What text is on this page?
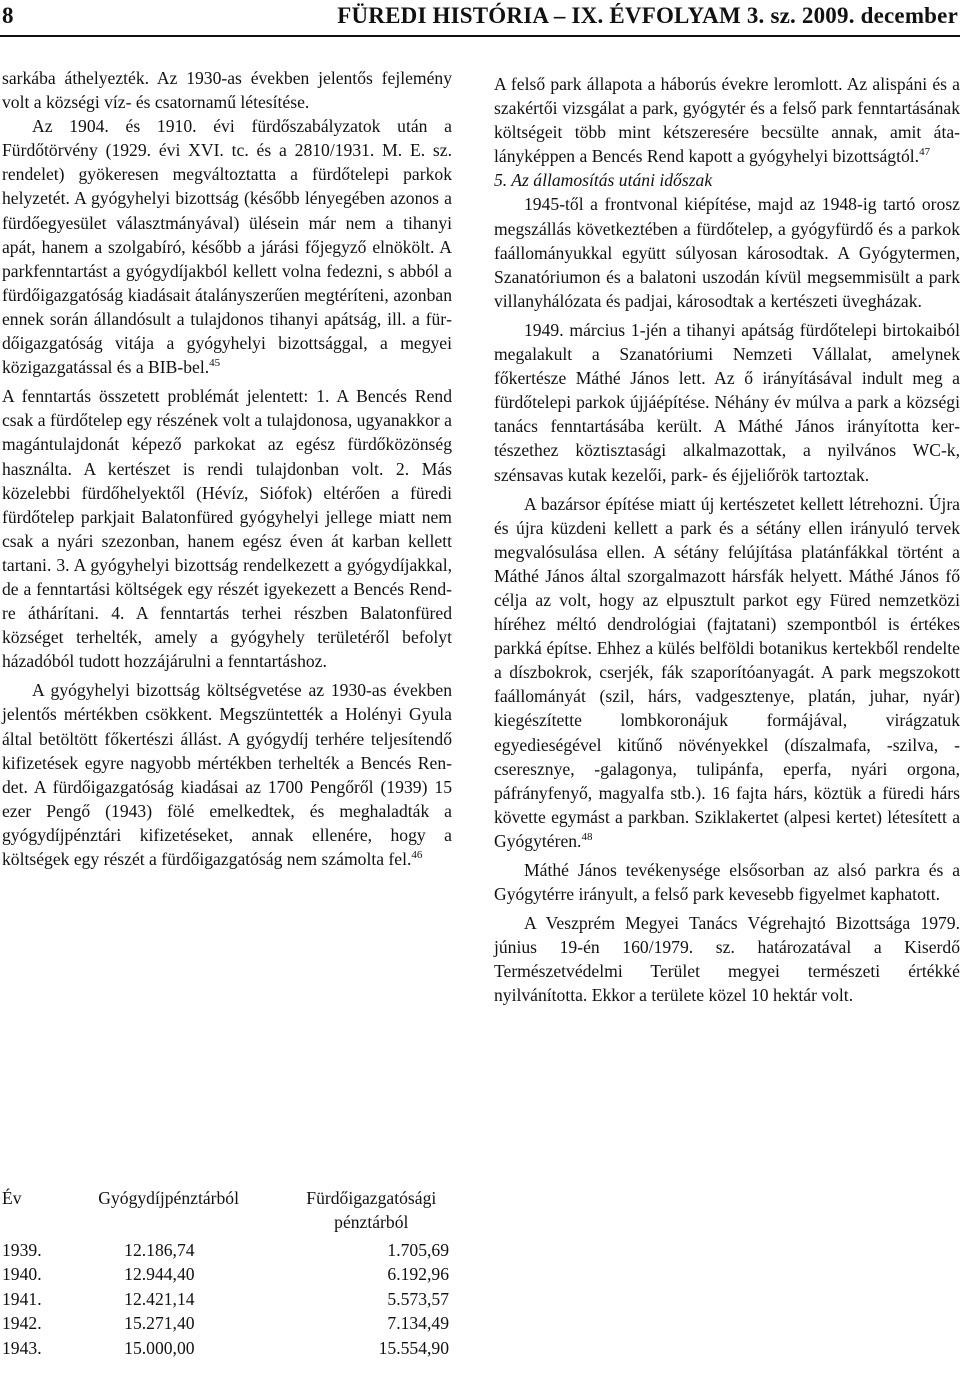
8	FÜREDI HISTÓRIA – IX. ÉVFOLYAM 3. sz. 2009. december

sarkába áthelyezték. Az 1930-as években jelentős fejlemény volt a községi víz- és csatornamű létesítése.

Az 1904. és 1910. évi fürdőszabályzatok után a Fürdőtörvény (1929. évi XVI. tc. és a 2810/1931. M. E. sz. rendelet) gyökeresen megváltoztatta a fürdőtelepi parkok helyzetét. A gyógyhelyi bizottság (később lényegében azonos a fürdőegyesület választmányával) ülésein már nem a tihanyi apát, hanem a szolgabíró, később a járási főjegyző elnökölt. A parkfenntartást a gyógydíjakból kellett volna fedezni, s abból a fürdőigazgatóság kiadásait átalányszerűen megtéríteni, azonban ennek során állandósult a tulajdonos tihanyi apátság, ill. a fürdőigazgatóság vitája a gyógyhelyi bizottsággal, a megyei közigazgatással és a BIB-bel.$^{45}$

A fenntartás összetett problémát jelentett: 1. A Bencés Rend csak a fürdőtelep egy részének volt a tulajdonosa, ugyanakkor a magántulajdonát képező parkokat az egész fürdőközönség használta. A kertészet is rendi tulajdonban volt. 2. Más közelebbi fürdőhelyektől (Hévíz, Siófok) eltérően a füredi fürdőtelep parkjait Balatonfüred gyógyhelyi jellege miatt nem csak a nyári szezonban, hanem egész éven át karban kellett tartani. 3. A gyógyhelyi bizottság rendelkezett a gyógydíjakkal, de a fenntartási költségek egy részét igyekezett a Bencés Rendre áthárítani. 4. A fenntartás terhei részben Balatonfüred községet terhelték, amely a gyógyhely területéről befolyt házadóból tudott hozzájárulni a fenntartáshoz.

A gyógyhelyi bizottság költségvetése az 1930-as években jelentős mértékben csökkent. Megszüntették a Holényi Gyula által betöltött főkertészi állást. A gyógydíj terhére teljesítendő kifizetések egyre nagyobb mértékben terhelték a Bencés Rendet. A fürdőigazgatóság kiadásai az 1700 Pengőről (1939) 15 ezer Pengő (1943) fölé emelkedtek, és meghaladták a gyógydíjpénztári kifizetéseket, annak ellenére, hogy a költségek egy részét a fürdőigazgatóság nem számolta fel.$^{46}$

Év	Gyógydíjpénztárból	Fürdőigazgatósági
pénztárból

1939.	12.186,74	1.705,69
1940.	12.944,40	6.192,96
1941.	12.421,14	5.573,57
1942.	15.271,40	7.134,49
1943.	15.000,00	15.554,90

A felső park állapota a háborús évekre leromlott. Az alispáni és a szakértői vizsgálat a park, gyógytér és a felső park fenntartásának költségeit több mint kétszeresére becsülte annak, amit átalányképpen a Bencés Rend kapott a gyógyhelyi bizottságtól.$^{47}$

5. Az államosítás utáni időszak

1945-től a frontvonal kiépítése, majd az 1948-ig tartó orosz megszállás következtében a fürdőtelep, a gyógyfürdő és a parkok faállományukkal együtt súlyosan károsodtak. A Gyógytermen, Szanatóriumon és a balatoni uszodán kívül megsemmisült a park villanyhálózata és padjai, károsodtak a kertészeti üvegházak.

1949. március 1-jén a tihanyi apátság fürdőtelepi birtokaiból megalakult a Szanatóriumi Nemzeti Vállalat, amelynek főkertésze Máthé János lett. Az ő irányításával indult meg a fürdőtelepi parkok újjáépítése. Néhány év múlva a park a községi tanács fenntartásába került. A Máthé János irányította kertészethez köztisztasági alkalmazottak, a nyilvános WC-k, szénsavas kutak kezelői, park- és éjjeliőrök tartoztak.

A bazársor építése miatt új kertészetet kellett létrehozni. Újra és újra küzdeni kellett a park és a sétány ellen irányuló tervek megvalósulása ellen. A sétány felújítása platánfákkal történt a Máthé János által szorgalmazott hársfák helyett. Máthé János fő célja az volt, hogy az elpusztult parkot egy Füred nemzetközi híréhez méltó dendrológiai (fajtatani) szempontból is értékes parkká építse. Ehhez a külés belföldi botanikus kertekből rendelte a díszbokrok, cserjék, fák szaporítóanyagát. A park megszokott faállományát (szil, hárs, vadgesztenye, platán, juhar, nyár) kiegészítette lombkoronájuk formájával, virágzatuk egyedieségével kitűnő növényekkel (díszalmafa, -szilva, -cseresznye, -galagonya, tulipánfa, eperfa, nyári orgona, páfrányfenyő, magyalfa stb.). 16 fajta hárs, köztük a füredi hárs követte egymást a parkban. Sziklakertet (alpesi kertet) létesített a Gyógytéren.$^{48}$

Máthé János tevékenysége elsősorban az alsó parkra és a Gyógytérre irányult, a felső park kevesebb figyelmet kaphatott.

A Veszprém Megyei Tanács Végrehajtó Bizottsága 1979. június 19-én 160/1979. sz. határozatával a Kiserdő Természetvédelmi Terület megyei természeti értékké nyilvánította. Ekkor a területe közel 10 hektár volt.
